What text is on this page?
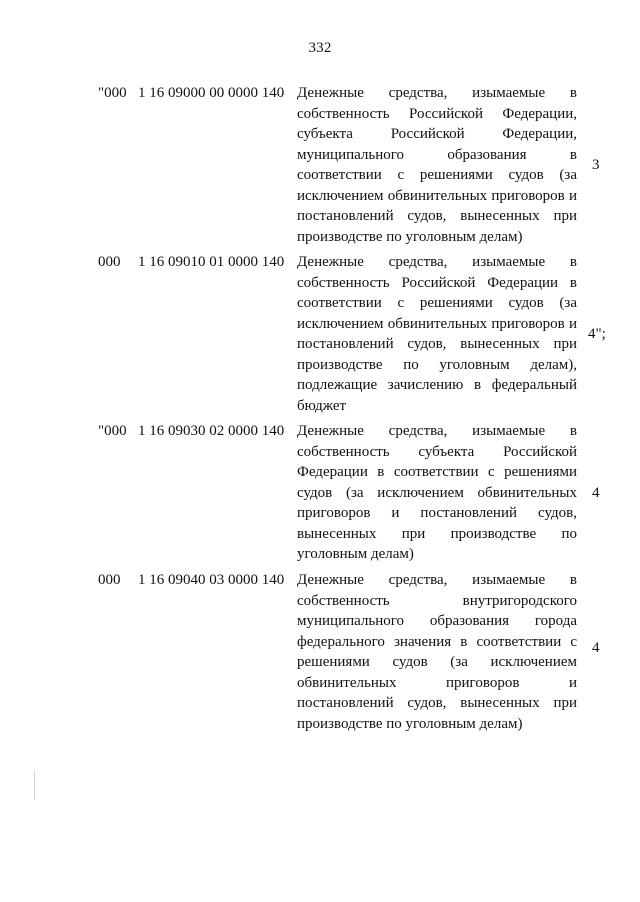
332
"000 1 16 09000 00 0000 140 Денежные средства, изымаемые в
собственность Российской Федерации,
субъекта Российской Федерации,
муниципального образования в
соответствии с решениями судов (за
исключением обвинительных приговоров и
постановлений судов, вынесенных при
производстве по уголовным делам)
3
000 1 16 09010 01 0000 140 Денежные средства, изымаемые в
собственность Российской Федерации в
соответствии с решениями судов (за
исключением обвинительных приговоров и
постановлений судов, вынесенных при
производстве по уголовным делам),
подлежащие зачислению в федеральный
бюджет
4";
"000 1 16 09030 02 0000 140 Денежные средства, изымаемые в
собственность субъекта Российской
Федерации в соответствии с решениями
судов (за исключением обвинительных
приговоров и постановлений судов,
вынесенных при производстве по
уголовным делам)
4
000 1 16 09040 03 0000 140 Денежные средства, изымаемые в
собственность внутригородского
муниципального образования города
федерального значения в соответствии с
решениями судов (за исключением
обвинительных приговоров и
постановлений судов, вынесенных при
производстве по уголовным делам)
4
